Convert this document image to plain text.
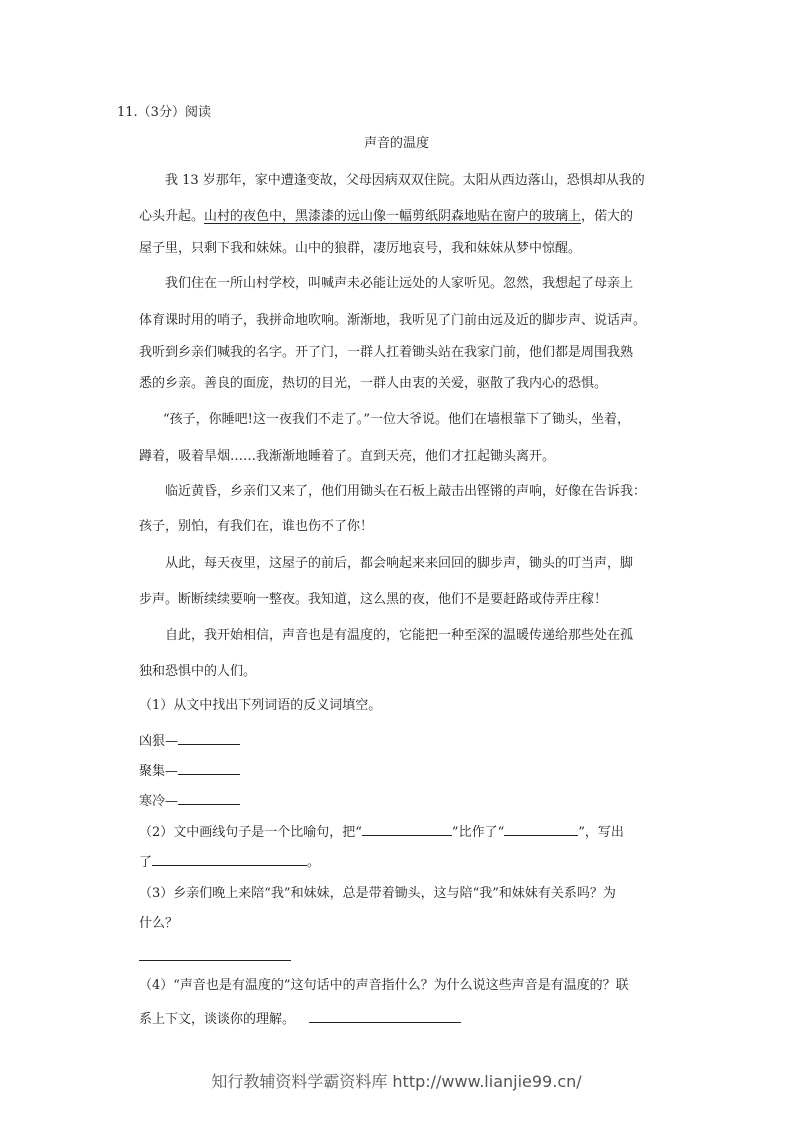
11.（3分）阅读
声音的温度
我 13 岁那年，家中遭逢变故，父母因病双双住院。太阳从西边落山，恐惧却从我的
心头升起。山村的夜色中，黑漆漆的远山像一幅剪纸阴森地贴在窗户的玻璃上，偌大的
屋子里，只剩下我和妹妹。山中的狼群，凄厉地哀号，我和妹妹从梦中惊醒。
我们住在一所山村学校，叫喊声未必能让远处的人家听见。忽然，我想起了母亲上
体育课时用的哨子，我拼命地吹响。渐渐地，我听见了门前由远及近的脚步声、说话声。
我听到乡亲们喊我的名字。开了门，一群人扛着锄头站在我家门前，他们都是周围我熟
悉的乡亲。善良的面庞，热切的目光，一群人由衷的关爱，驱散了我内心的恐惧。
“孩子，你睡吧!这一夜我们不走了。”一位大爷说。他们在墙根靠下了锄头，坐着，
蹲着，吸着旱烟……我渐渐地睡着了。直到天亮，他们才扛起锄头离开。
临近黄昏，乡亲们又来了，他们用锄头在石板上敲击出铿锵的声响，好像在告诉我：
孩子，别怕，有我们在，谁也伤不了你！
从此，每天夜里，这屋子的前后，都会响起来来回回的脚步声，锄头的叮当声，脚
步声。断断续续要响一整夜。我知道，这么黑的夜，他们不是要赶路或侍弄庄稼！
自此，我开始相信，声音也是有温度的，它能把一种至深的温暖传递给那些处在孤
独和恐惧中的人们。
（1）从文中找出下列词语的反义词填空。
凶狠—
聚集—
寒冷—
（2）文中画线句子是一个比喻句，把“	”比作了“	”，写出
了	。
（3）乡亲们晚上来陪“我”和妹妹，总是带着锄头，这与陪“我”和妹妹有关系吗？为
什么？
（4）“声音也是有温度的”这句话中的声音指什么？为什么说这些声音是有温度的？联
系上下文，谈谈你的理解。
知行教辅资料学霸资料库 http://www.lianjie99.cn/
